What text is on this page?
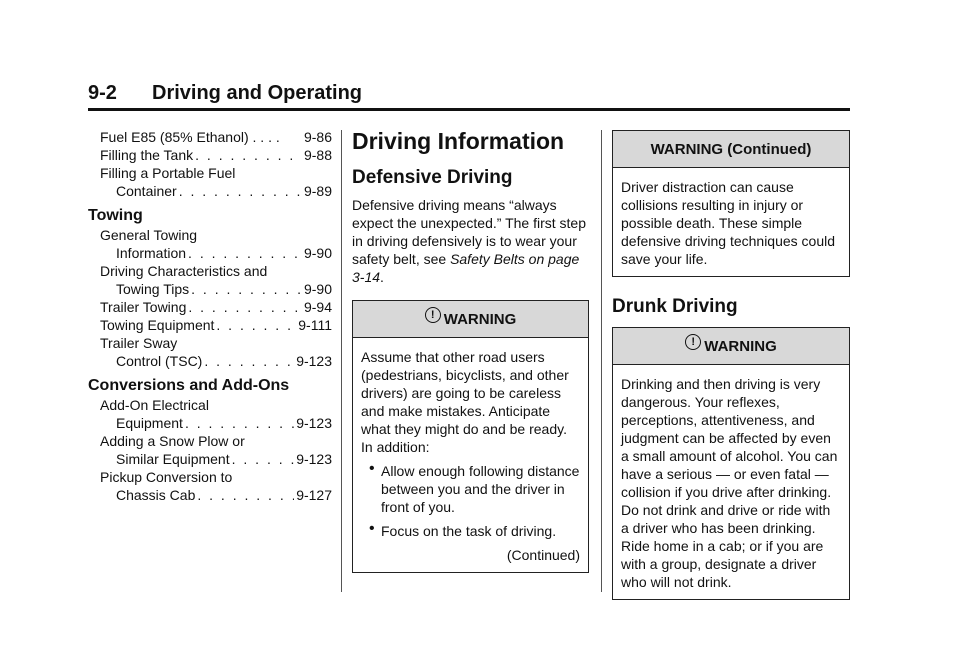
9-2 Driving and Operating
Fuel E85 (85% Ethanol) . . . . 9-86
Filling the Tank . . .	9-88
Filling a Portable Fuel
Container . . .	9-89
Towing
General Towing
Information . . .	9-90
Driving Characteristics and
Towing Tips . . .	9-90
Trailer Towing . . .	9-94
Towing Equipment . . .	9-111
Trailer Sway
Control (TSC) . . .	9-123
Conversions and Add-Ons
Add-On Electrical
Equipment . . .	9-123
Adding a Snow Plow or
Similar Equipment . . .	9-123
Pickup Conversion to
Chassis Cab . . .	9-127
Driving Information
Defensive Driving

Defensive driving means “always expect the unexpected.” The first step in driving defensively is to wear your safety belt, see Safety Belts on page 3-14.

! WARNING
Assume that other road users (pedestrians, bicyclists, and other drivers) are going to be careless and make mistakes. Anticipate what they might do and be ready. In addition:
• Allow enough following distance between you and the driver in front of you.
• Focus on the task of driving.
(Continued)
WARNING (Continued)
Driver distraction can cause collisions resulting in injury or possible death. These simple defensive driving techniques could save your life.
Drunk Driving
! WARNING
Drinking and then driving is very dangerous. Your reflexes, perceptions, attentiveness, and judgment can be affected by even a small amount of alcohol. You can have a serious — or even fatal — collision if you drive after drinking. Do not drink and drive or ride with a driver who has been drinking. Ride home in a cab; or if you are with a group, designate a driver who will not drink.
